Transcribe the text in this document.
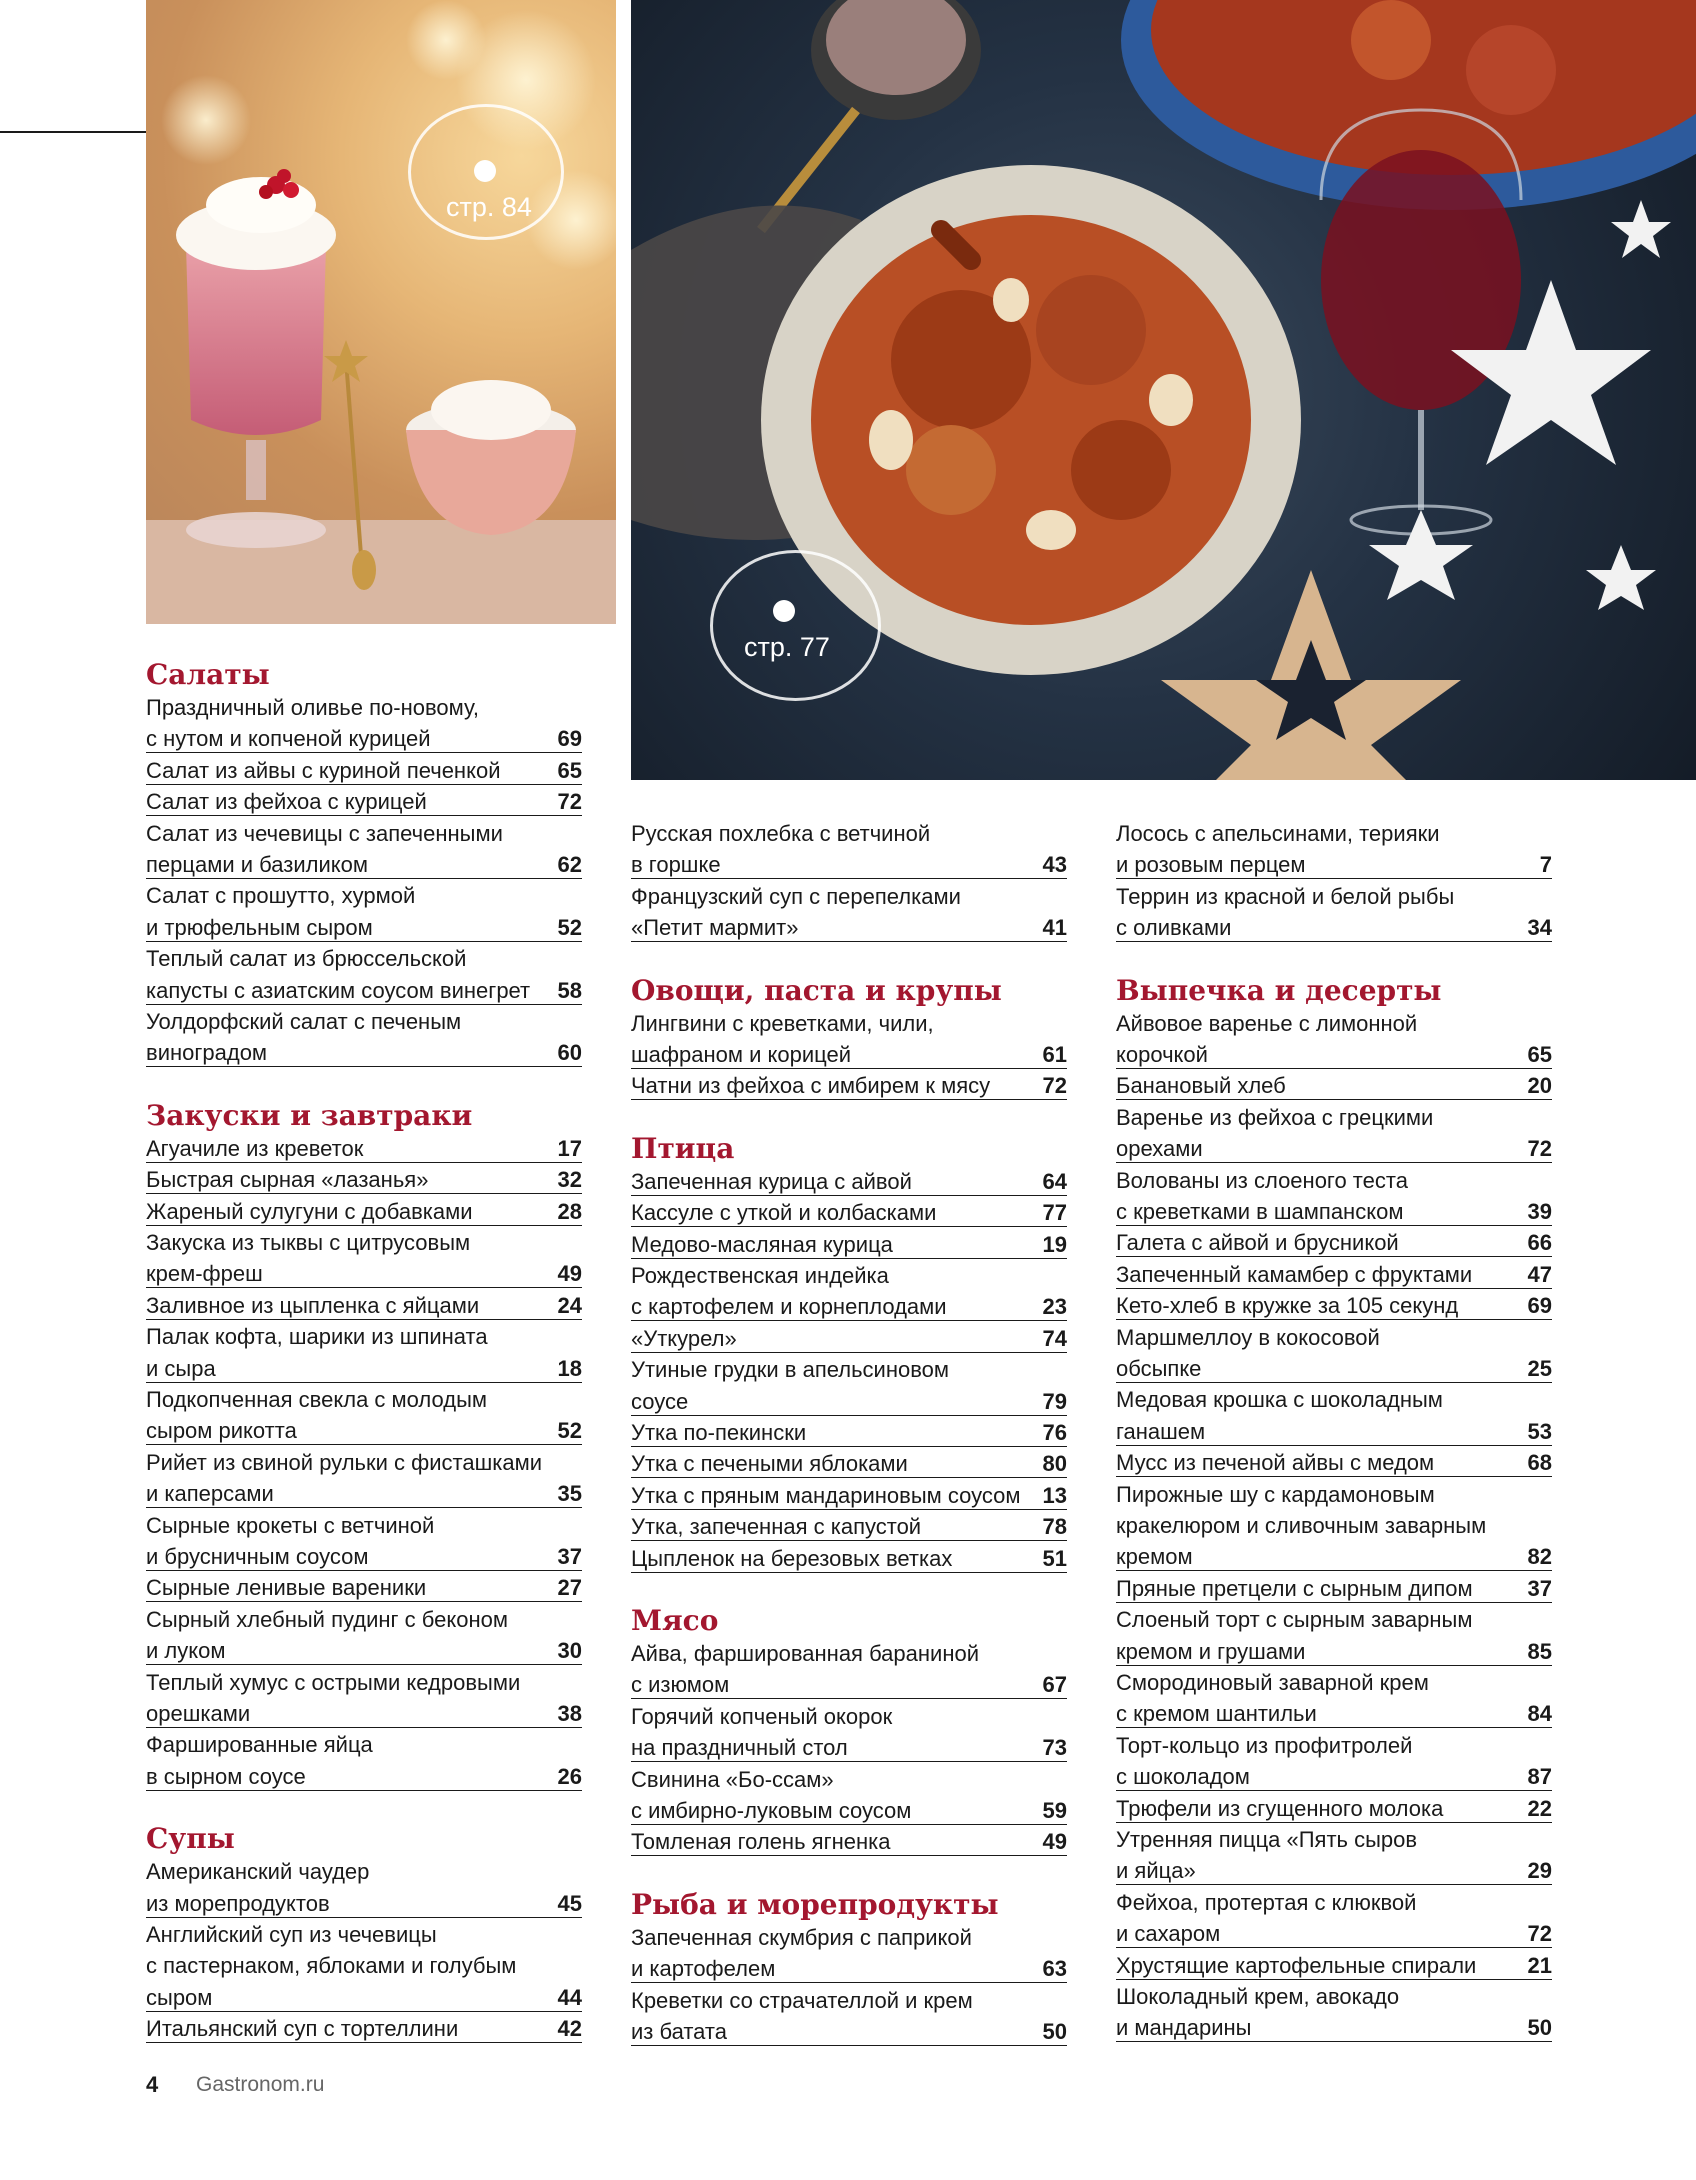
стр. 84
стр. 77
4 Gastronom.ru
Салаты
Праздничный оливье по-новому,
с нутом и копченой курицей	69
Салат из айвы с куриной печенкой	65
Салат из фейхоа с курицей	72
Салат из чечевицы с запеченными
перцами и базиликом	62
Салат с прошутто, хурмой
и трюфельным сыром	52
Теплый салат из брюссельской
капусты с азиатским соусом винегрет	58
Уолдорфский салат с печеным
виноградом	60
Закуски и завтраки
Агуачиле из креветок	17
Быстрая сырная «лазанья»	32
Жареный сулугуни с добавками	28
Закуска из тыквы с цитрусовым
крем-фреш	49
Заливное из цыпленка с яйцами	24
Палак кофта, шарики из шпината
и сыра	18
Подкопченная свекла с молодым
сыром рикотта	52
Рийет из свиной рульки с фисташками
и каперсами	35
Сырные крокеты с ветчиной
и брусничным соусом	37
Сырные ленивые вареники	27
Сырный хлебный пудинг с беконом
и луком	30
Теплый хумус с острыми кедровыми
орешками	38
Фаршированные яйца
в сырном соусе	26
Супы
Американский чаудер
из морепродуктов	45
Английский суп из чечевицы
с пастернаком, яблоками и голубым
сыром	44
Итальянский суп с тортеллини	42
Русская похлебка с ветчиной
в горшке	43
Французский суп с перепелками
«Петит мармит»	41
Овощи, паста и крупы
Лингвини с креветками, чили,
шафраном и корицей	61
Чатни из фейхоа с имбирем к мясу	72
Птица
Запеченная курица с айвой	64
Кассуле с уткой и колбасками	77
Медово-масляная курица	19
Рождественская индейка
с картофелем и корнеплодами	23
«Уткурел»	74
Утиные грудки в апельсиновом
соусе	79
Утка по-пекински	76
Утка с печеными яблоками	80
Утка с пряным мандариновым соусом	13
Утка, запеченная с капустой	78
Цыпленок на березовых ветках	51
Мясо
Айва, фаршированная бараниной
с изюмом	67
Горячий копченый окорок
на праздничный стол	73
Свинина «Бо-ссам»
с имбирно-луковым соусом	59
Томленая голень ягненка	49
Рыба и морепродукты
Запеченная скумбрия с паприкой
и картофелем	63
Креветки со страчателлой и крем
из батата	50
Лосось с апельсинами, терияки
и розовым перцем	7
Террин из красной и белой рыбы
с оливками	34
Выпечка и десерты
Айвовое варенье с лимонной
корочкой	65
Банановый хлеб	20
Варенье из фейхоа с грецкими
орехами	72
Волованы из слоеного теста
с креветками в шампанском	39
Галета с айвой и брусникой	66
Запеченный камамбер с фруктами	47
Кето-хлеб в кружке за 105 секунд	69
Маршмеллоу в кокосовой
обсыпке	25
Медовая крошка с шоколадным
ганашем	53
Мусс из печеной айвы с медом	68
Пирожные шу с кардамоновым
кракелюром и сливочным заварным
кремом	82
Пряные претцели с сырным дипом	37
Слоеный торт с сырным заварным
кремом и грушами	85
Смородиновый заварной крем
с кремом шантильи	84
Торт-кольцо из профитролей
с шоколадом	87
Трюфели из сгущенного молока	22
Утренняя пицца «Пять сыров
и яйца»	29
Фейхоа, протертая с клюквой
и сахаром	72
Хрустящие картофельные спирали	21
Шоколадный крем, авокадо
и мандарины	50
